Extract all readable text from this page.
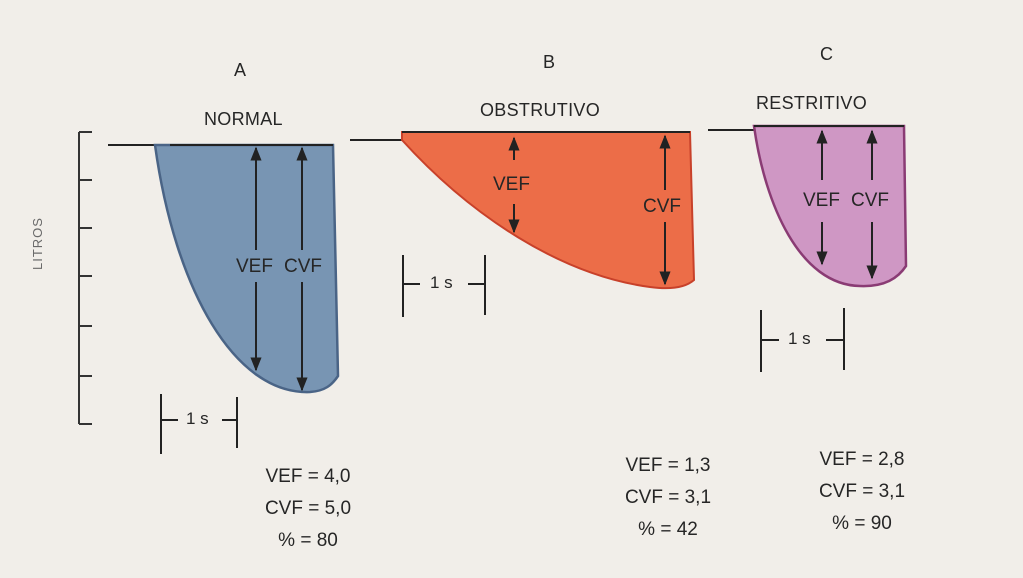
LITROS
A
NORMAL
B
OBSTRUTIVO
C
RESTRITIVO
VEF CVF
VEF
CVF	VEF CVF
1 s
1 s
1 s
VEF = 4,0
CVF = 5,0
% = 80
VEF = 1,3
CVF = 3,1
% = 42
VEF = 2,8
CVF = 3,1
% = 90
